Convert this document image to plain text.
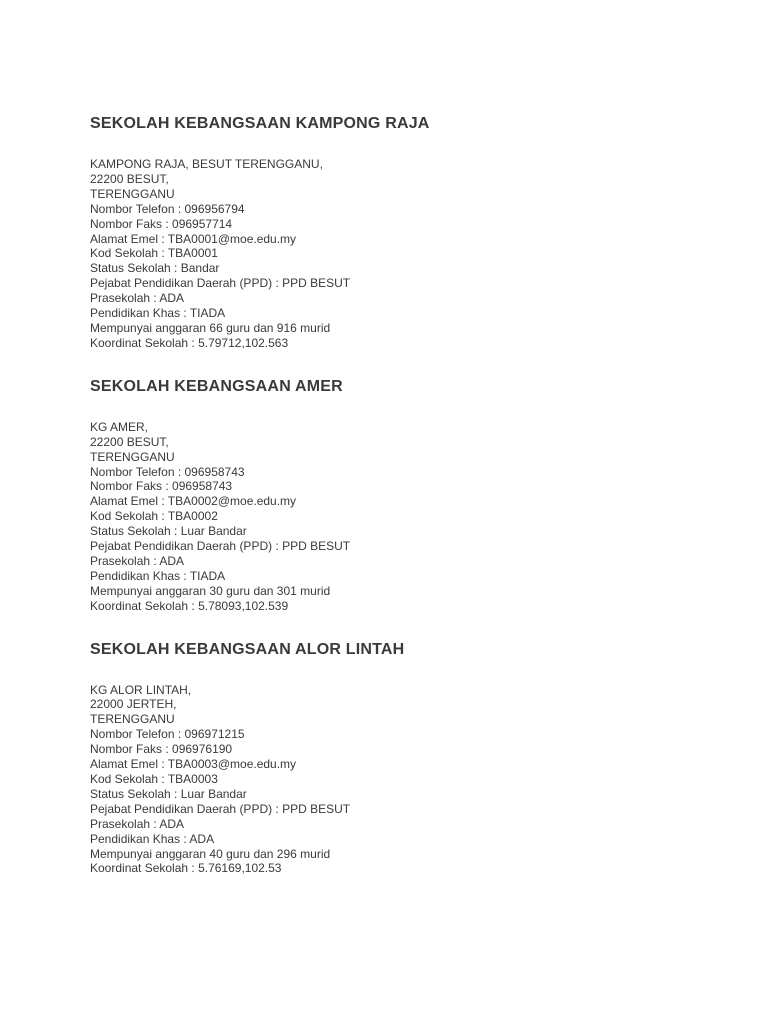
SEKOLAH KEBANGSAAN KAMPONG RAJA
KAMPONG RAJA, BESUT TERENGGANU,
22200 BESUT,
TERENGGANU
Nombor Telefon : 096956794
Nombor Faks : 096957714
Alamat Emel : TBA0001@moe.edu.my
Kod Sekolah : TBA0001
Status Sekolah : Bandar
Pejabat Pendidikan Daerah (PPD) : PPD BESUT
Prasekolah : ADA
Pendidikan Khas : TIADA
Mempunyai anggaran 66 guru dan 916 murid
Koordinat Sekolah : 5.79712,102.563
SEKOLAH KEBANGSAAN AMER
KG AMER,
22200 BESUT,
TERENGGANU
Nombor Telefon : 096958743
Nombor Faks : 096958743
Alamat Emel : TBA0002@moe.edu.my
Kod Sekolah : TBA0002
Status Sekolah : Luar Bandar
Pejabat Pendidikan Daerah (PPD) : PPD BESUT
Prasekolah : ADA
Pendidikan Khas : TIADA
Mempunyai anggaran 30 guru dan 301 murid
Koordinat Sekolah : 5.78093,102.539
SEKOLAH KEBANGSAAN ALOR LINTAH
KG ALOR LINTAH,
22000 JERTEH,
TERENGGANU
Nombor Telefon : 096971215
Nombor Faks : 096976190
Alamat Emel : TBA0003@moe.edu.my
Kod Sekolah : TBA0003
Status Sekolah : Luar Bandar
Pejabat Pendidikan Daerah (PPD) : PPD BESUT
Prasekolah : ADA
Pendidikan Khas : ADA
Mempunyai anggaran 40 guru dan 296 murid
Koordinat Sekolah : 5.76169,102.53
